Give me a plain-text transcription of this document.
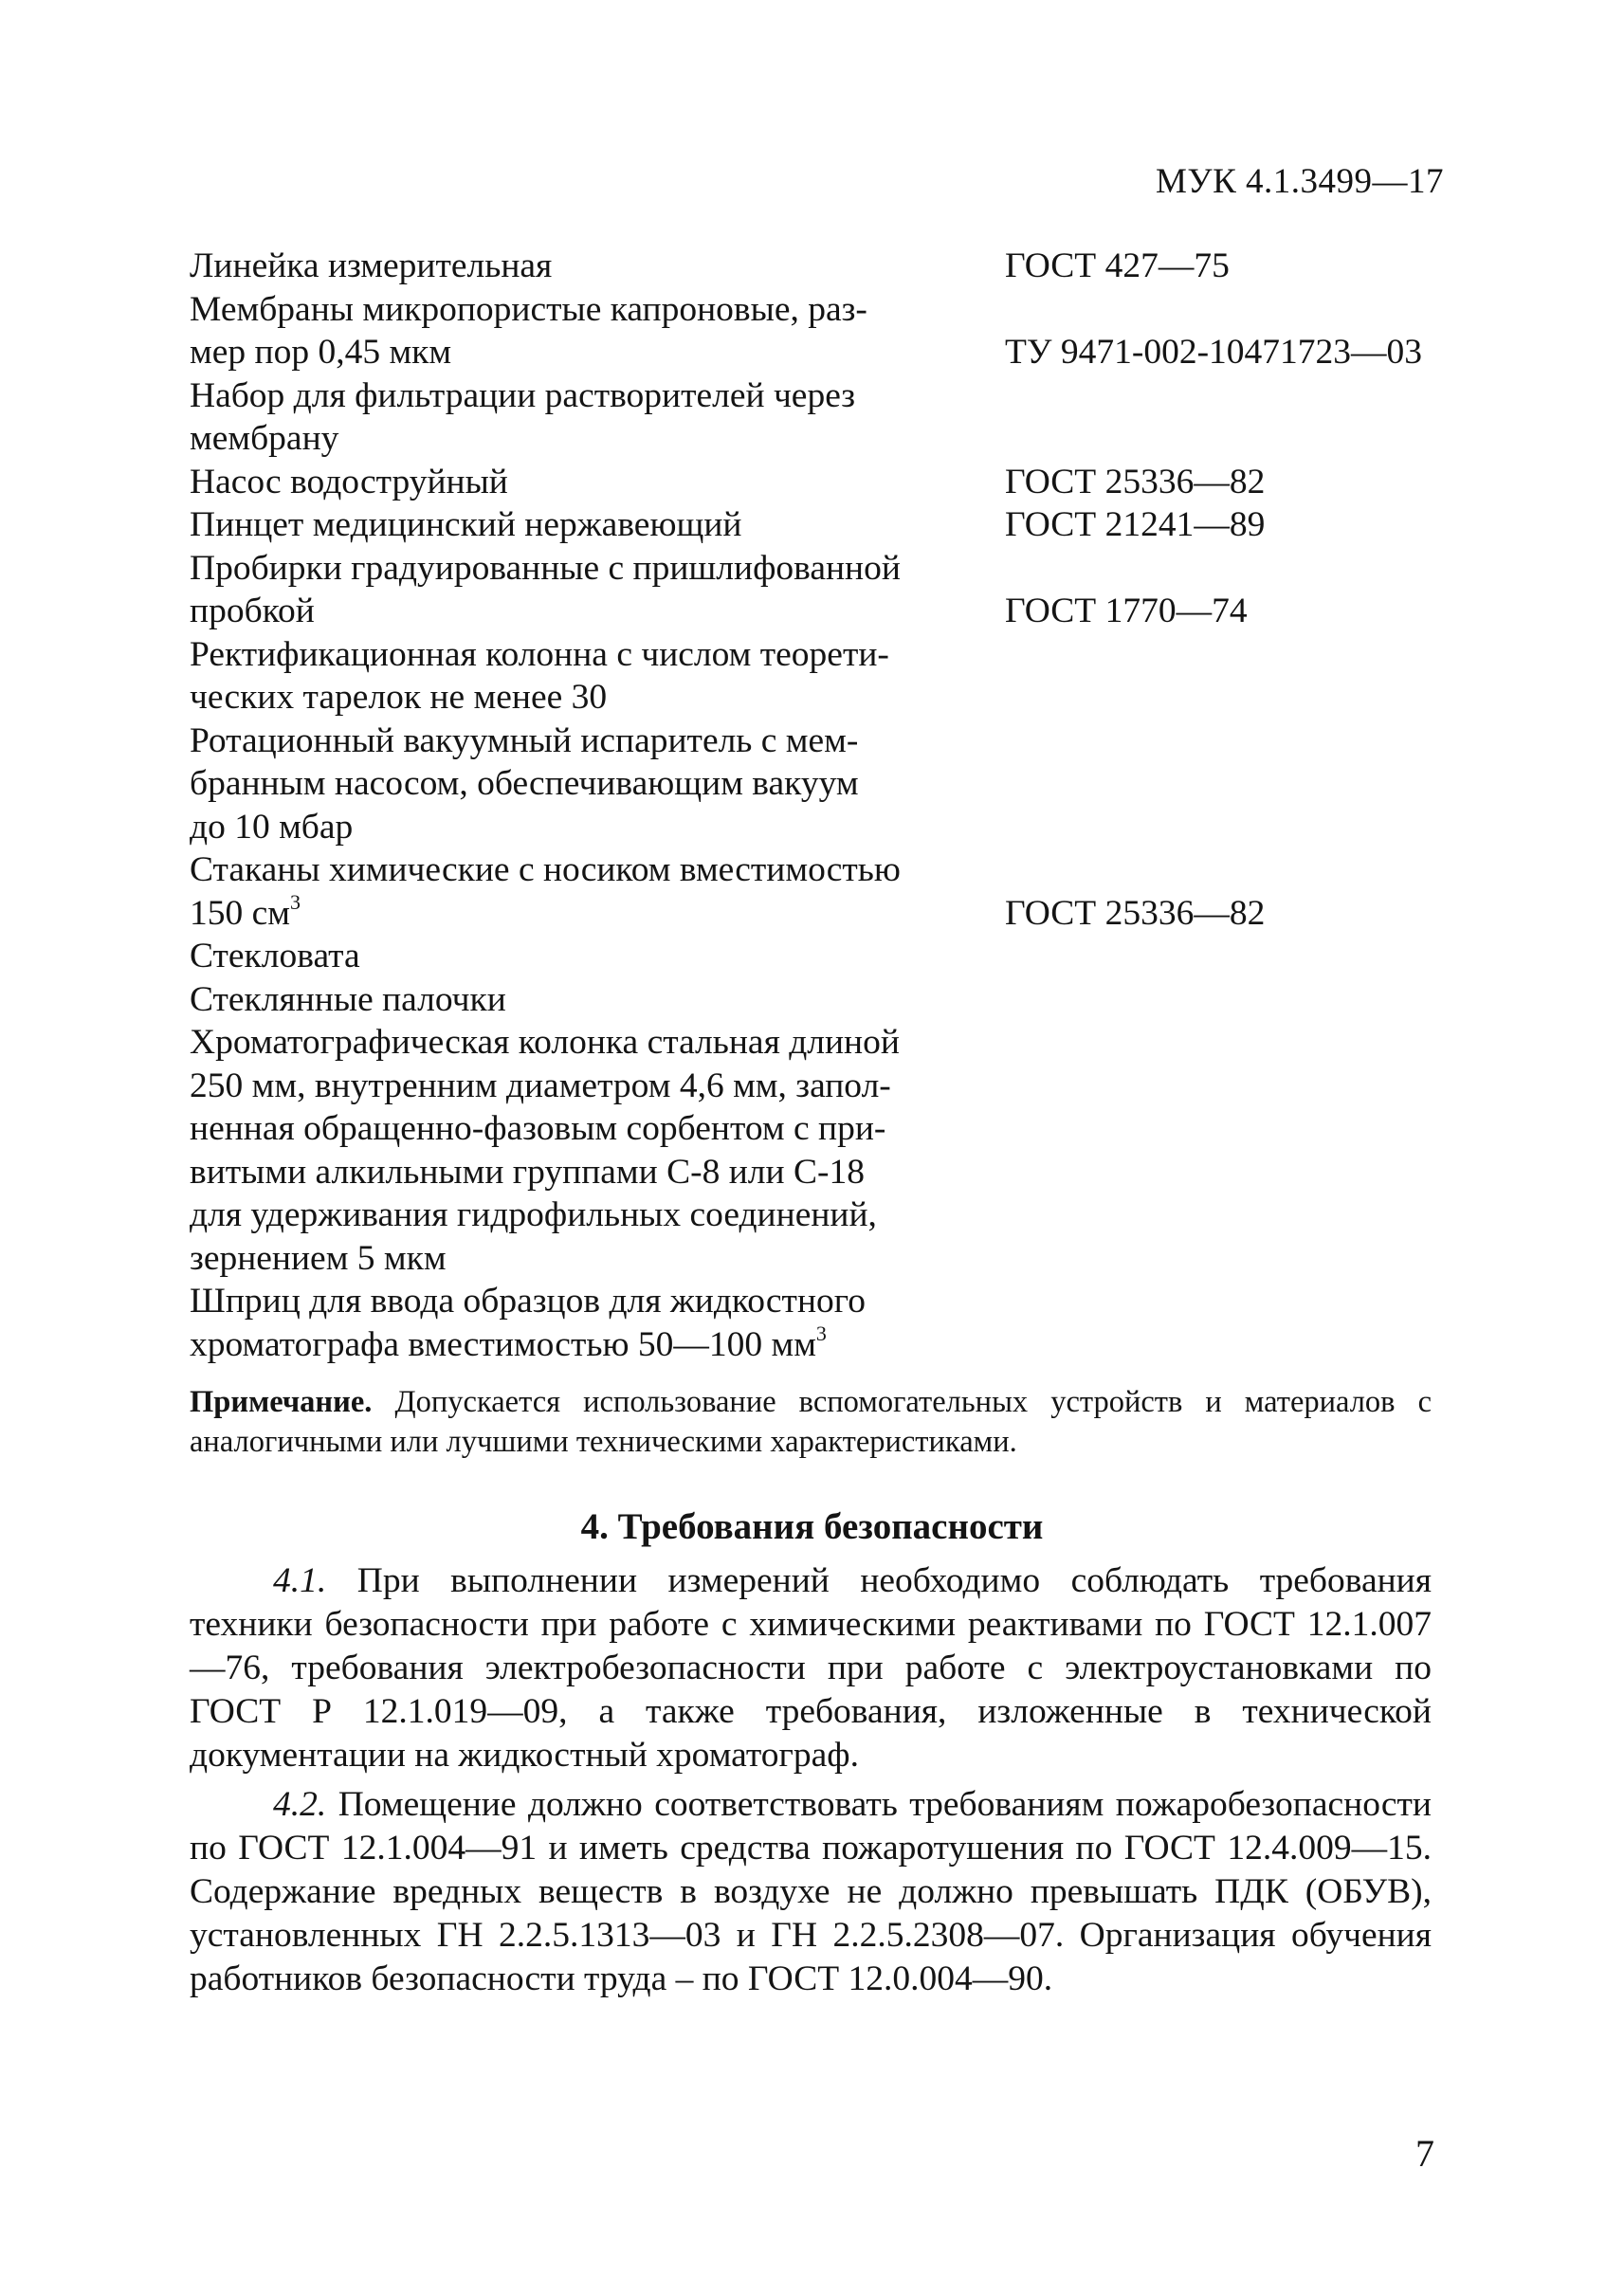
МУК 4.1.3499—17
Линейка измерительная	ГОСТ 427—75
Мембраны микропористые капроновые, раз-
мер пор 0,45 мкм	ТУ 9471-002-10471723—03
Набор для фильтрации растворителей через
мембрану
Насос водоструйный	ГОСТ 25336—82
Пинцет медицинский нержавеющий	ГОСТ 21241—89
Пробирки градуированные с пришлифованной
пробкой	ГОСТ 1770—74
Ректификационная колонна с числом теорети-
ческих тарелок не менее 30
Ротационный вакуумный испаритель с мем-
бранным насосом, обеспечивающим вакуум
до 10 мбар
Стаканы химические с носиком вместимостью
150 $см^3$	ГОСТ 25336—82
Стекловата
Стеклянные палочки
Хроматографическая колонка стальная длиной
250 мм, внутренним диаметром 4,6 мм, запол-
ненная обращенно-фазовым сорбентом с при-
витыми алкильными группами С-8 или С-18
для удерживания гидрофильных соединений,
зернением 5 мкм
Шприц для ввода образцов для жидкостного
хроматографа вместимостью 50—100 $мм^3$
Примечание. Допускается использование вспомогательных устройств и материалов с аналогичными или лучшими техническими характеристиками.
4. Требования безопасности

4.1. При выполнении измерений необходимо соблюдать требования техники безопасности при работе с химическими реактивами по ГОСТ 12.1.007—76, требования электробезопасности при работе с электроустановками по ГОСТ Р 12.1.019—09, а также требования, изложенные в технической документации на жидкостный хроматограф.

4.2. Помещение должно соответствовать требованиям пожаробезопасности по ГОСТ 12.1.004—91 и иметь средства пожаротушения по ГОСТ 12.4.009—15. Содержание вредных веществ в воздухе не должно превышать ПДК (ОБУВ), установленных ГН 2.2.5.1313—03 и ГН 2.2.5.2308—07. Организация обучения работников безопасности труда – по ГОСТ 12.0.004—90.

7
